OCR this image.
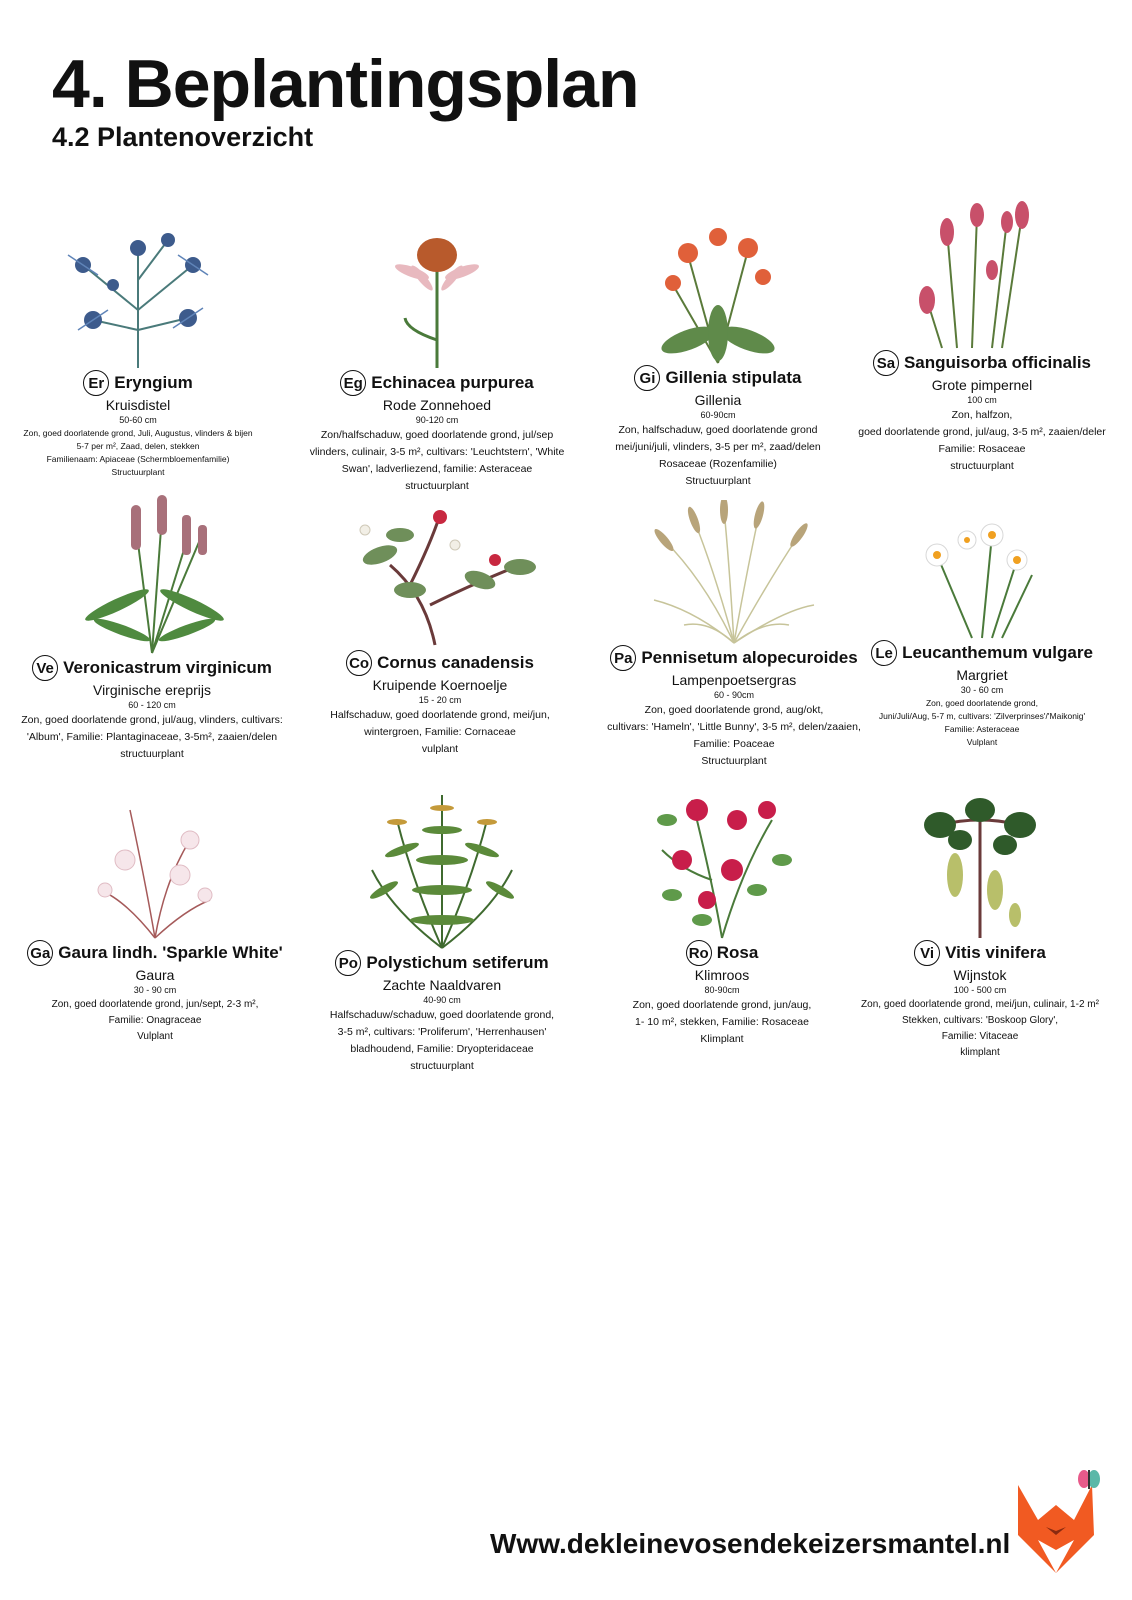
4. Beplantingsplan
4.2 Plantenoverzicht
Er Eryngium
Kruisdistel
50-60 cm
Zon, goed doorlatende grond, Juli, Augustus, vlinders & bijen
5-7 per m², Zaad, delen, stekken
Familienaam: Apiaceae (Schermbloemenfamilie)
Structuurplant
Eg Echinacea purpurea
Rode Zonnehoed
90-120 cm
Zon/halfschaduw, goed doorlatende grond, jul/sep
vlinders, culinair, 3-5 m², cultivars: 'Leuchtstern', 'White
Swan', ladverliezend, familie: Asteraceae
structuurplant
Gi Gillenia stipulata
Gillenia
60-90cm
Zon, halfschaduw, goed doorlatende grond
mei/juni/juli, vlinders, 3-5 per m², zaad/delen
Rosaceae (Rozenfamilie)
Structuurplant
Sa Sanguisorba officinalis
Grote pimpernel
100 cm
Zon, halfzon,
goed doorlatende grond, jul/aug, 3-5 m², zaaien/deler
Familie: Rosaceae
structuurplant
Ve Veronicastrum virginicum
Virginische ereprijs
60 - 120 cm
Zon, goed doorlatende grond, jul/aug, vlinders, cultivars:
'Album', Familie: Plantaginaceae, 3-5m², zaaien/delen
structuurplant
Co Cornus canadensis
Kruipende Koernoelje
15 - 20 cm
Halfschaduw, goed doorlatende grond, mei/jun,
wintergroen, Familie: Cornaceae
vulplant
Pa Pennisetum alopecuroides
Lampenpoetsergras
60 - 90cm
Zon, goed doorlatende grond, aug/okt,
cultivars: 'Hameln', 'Little Bunny', 3-5 m², delen/zaaien,
Familie: Poaceae
Structuurplant
Le Leucanthemum vulgare
Margriet
30 - 60 cm
Zon, goed doorlatende grond,
Juni/Juli/Aug, 5-7 m, cultivars: 'Zilverprinses'/'Maikonig'
Familie: Asteraceae
Vulplant
Ga Gaura lindh. 'Sparkle White'
Gaura
30 - 90 cm
Zon, goed doorlatende grond, jun/sept, 2-3 m²,
Familie: Onagraceae
Vulplant
Po Polystichum setiferum
Zachte Naaldvaren
40-90 cm
Halfschaduw/schaduw, goed doorlatende grond,
3-5 m², cultivars: 'Proliferum', 'Herrenhausen'
bladhoudend, Familie: Dryopteridaceae
structuurplant
Ro Rosa
Klimroos
80-90cm
Zon, goed doorlatende grond, jun/aug,
1- 10 m², stekken, Familie: Rosaceae
Klimplant
Vi Vitis vinifera
Wijnstok
100 - 500 cm
Zon, goed doorlatende grond, mei/jun, culinair, 1-2 m²
Stekken, cultivars: 'Boskoop Glory',
Familie: Vitaceae
klimplant
Www.dekleinevosendekeizersmantel.nl
